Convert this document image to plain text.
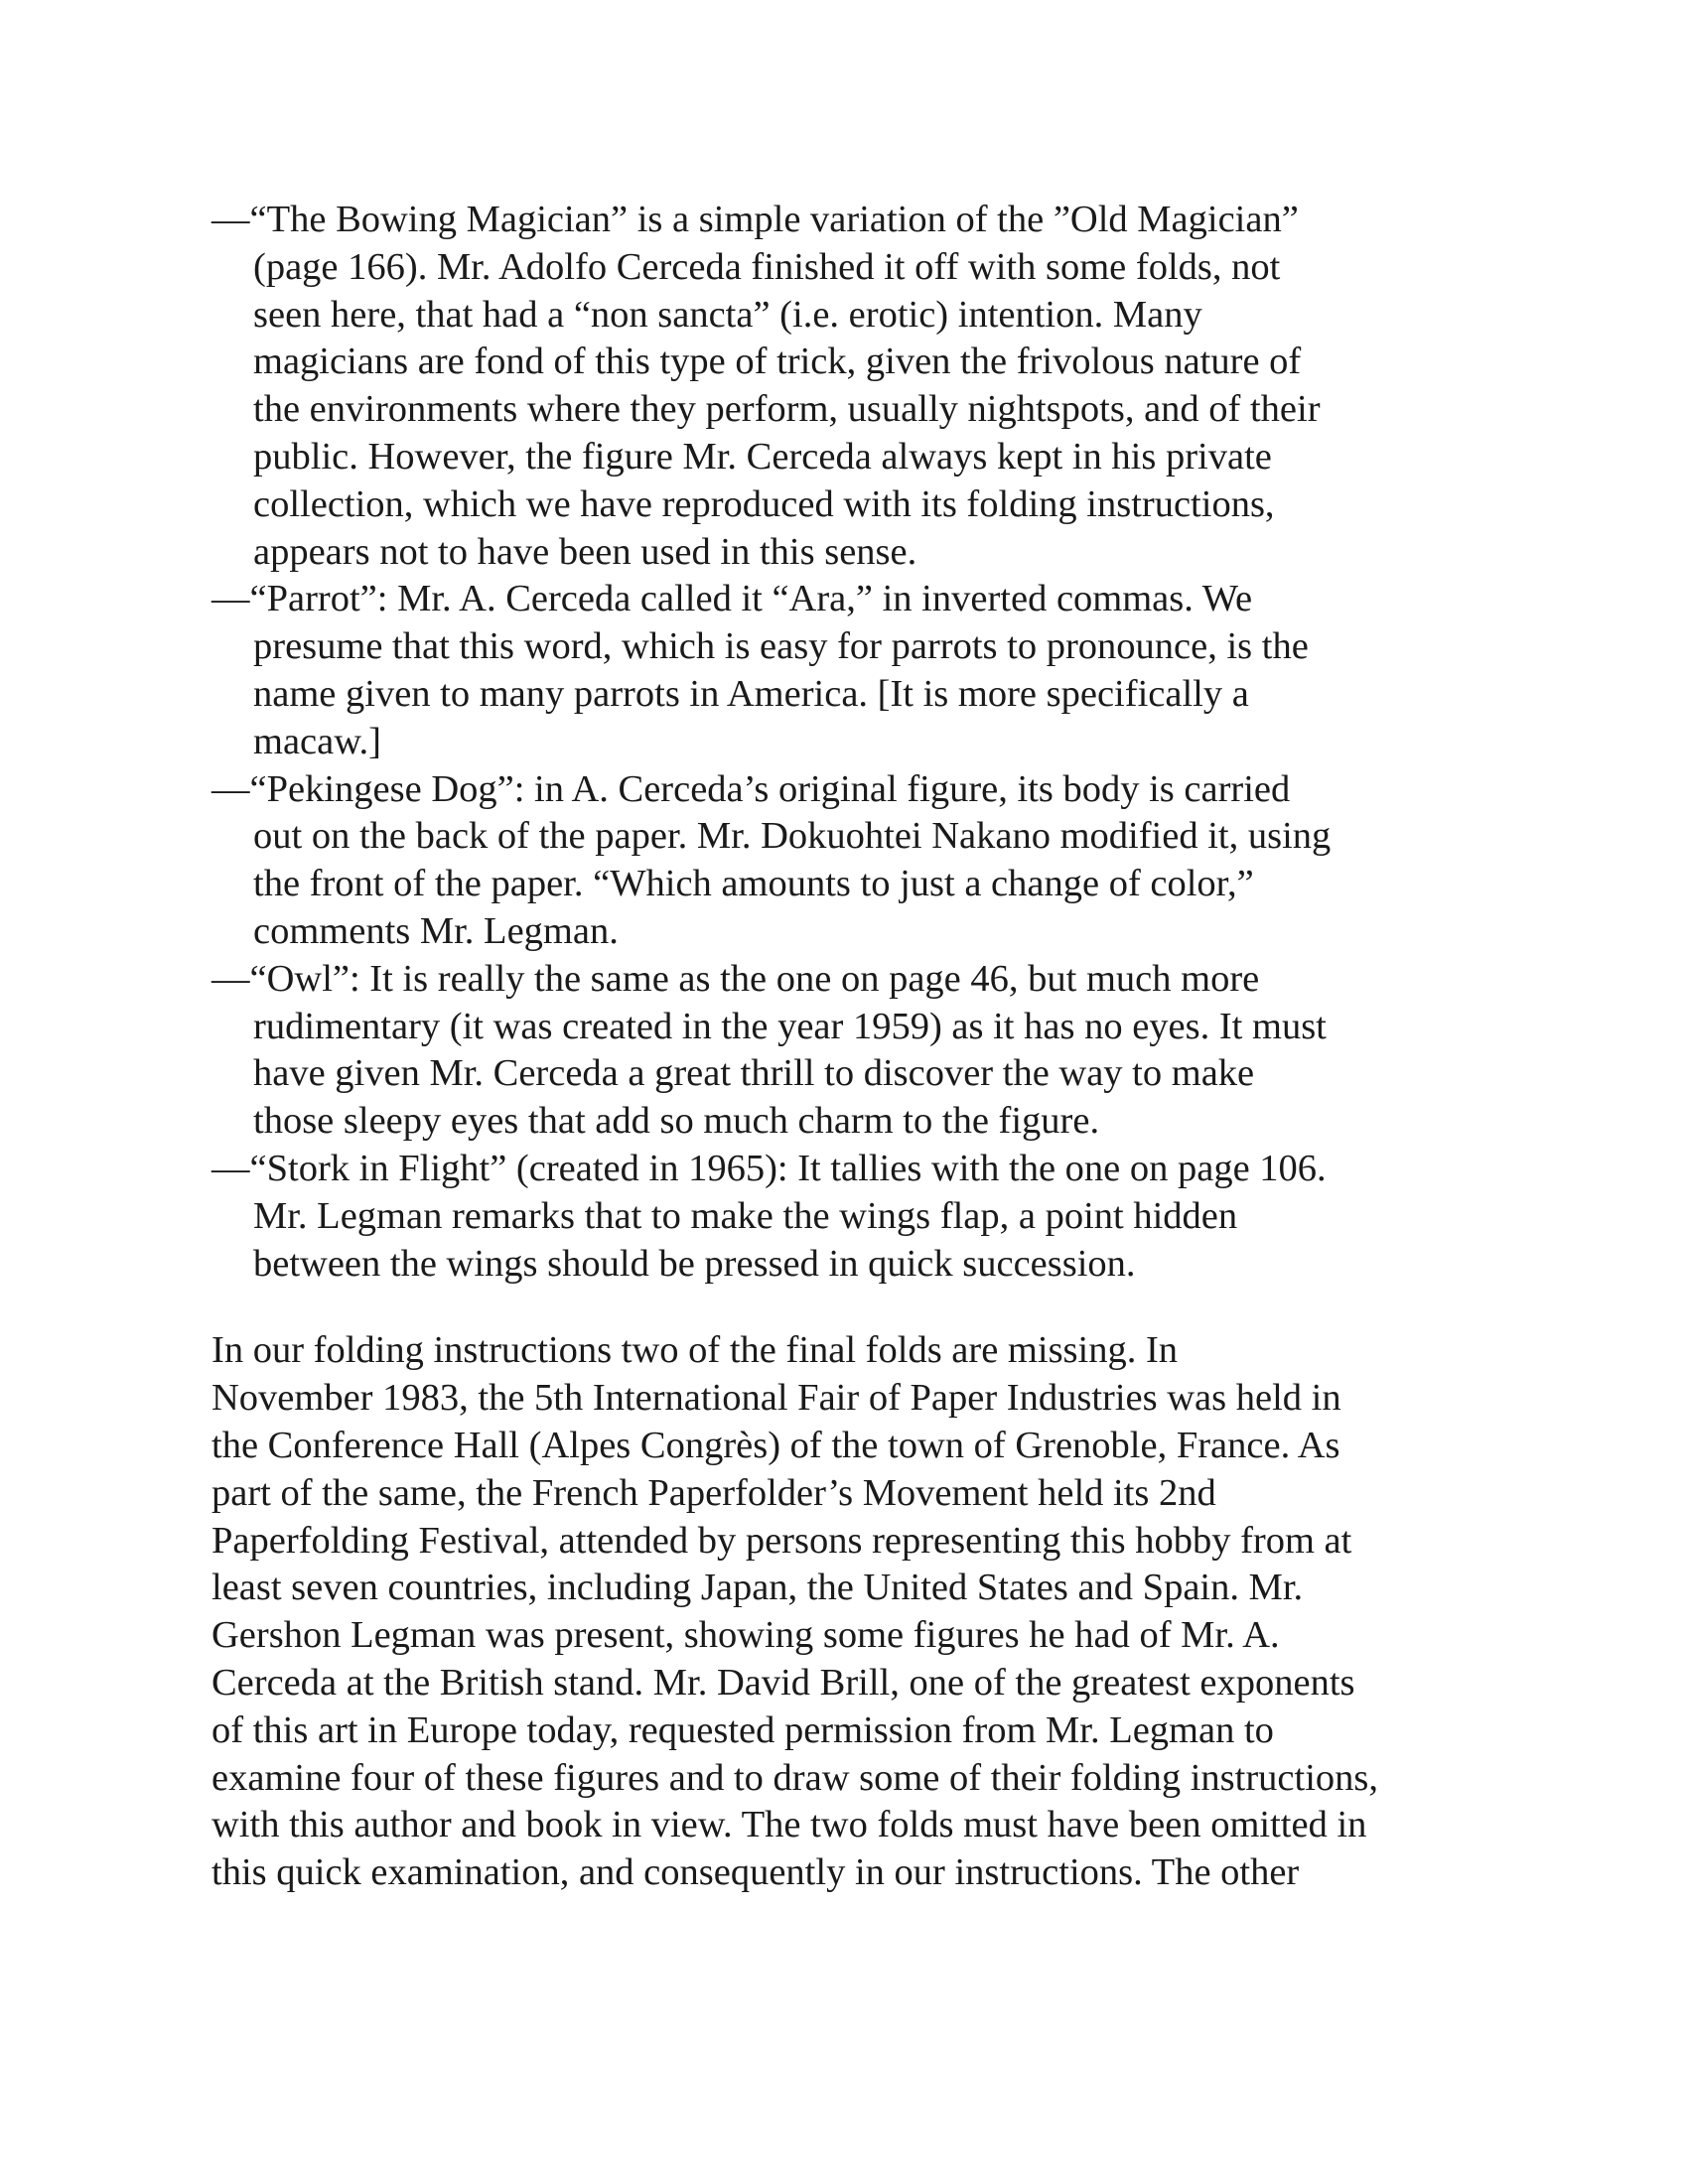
—“The Bowing Magician” is a simple variation of the ”Old Magician”
(page 166). Mr. Adolfo Cerceda finished it off with some folds, not
seen here, that had a “non sancta” (i.e. erotic) intention. Many
magicians are fond of this type of trick, given the frivolous nature of
the environments where they perform, usually nightspots, and of their
public. However, the figure Mr. Cerceda always kept in his private
collection, which we have reproduced with its folding instructions,
appears not to have been used in this sense.
—“Parrot”: Mr. A. Cerceda called it “Ara,” in inverted commas. We
presume that this word, which is easy for parrots to pronounce, is the
name given to many parrots in America. [It is more specifically a
macaw.]
—“Pekingese Dog”: in A. Cerceda’s original figure, its body is carried
out on the back of the paper. Mr. Dokuohtei Nakano modified it, using
the front of the paper. “Which amounts to just a change of color,”
comments Mr. Legman.
—“Owl”: It is really the same as the one on page 46, but much more
rudimentary (it was created in the year 1959) as it has no eyes. It must
have given Mr. Cerceda a great thrill to discover the way to make
those sleepy eyes that add so much charm to the figure.
—“Stork in Flight” (created in 1965): It tallies with the one on page 106.
Mr. Legman remarks that to make the wings flap, a point hidden
between the wings should be pressed in quick succession.

In our folding instructions two of the final folds are missing. In
November 1983, the 5th International Fair of Paper Industries was held in
the Conference Hall (Alpes Congrès) of the town of Grenoble, France. As
part of the same, the French Paperfolder’s Movement held its 2nd
Paperfolding Festival, attended by persons representing this hobby from at
least seven countries, including Japan, the United States and Spain. Mr.
Gershon Legman was present, showing some figures he had of Mr. A.
Cerceda at the British stand. Mr. David Brill, one of the greatest exponents
of this art in Europe today, requested permission from Mr. Legman to
examine four of these figures and to draw some of their folding instructions,
with this author and book in view. The two folds must have been omitted in
this quick examination, and consequently in our instructions. The other
